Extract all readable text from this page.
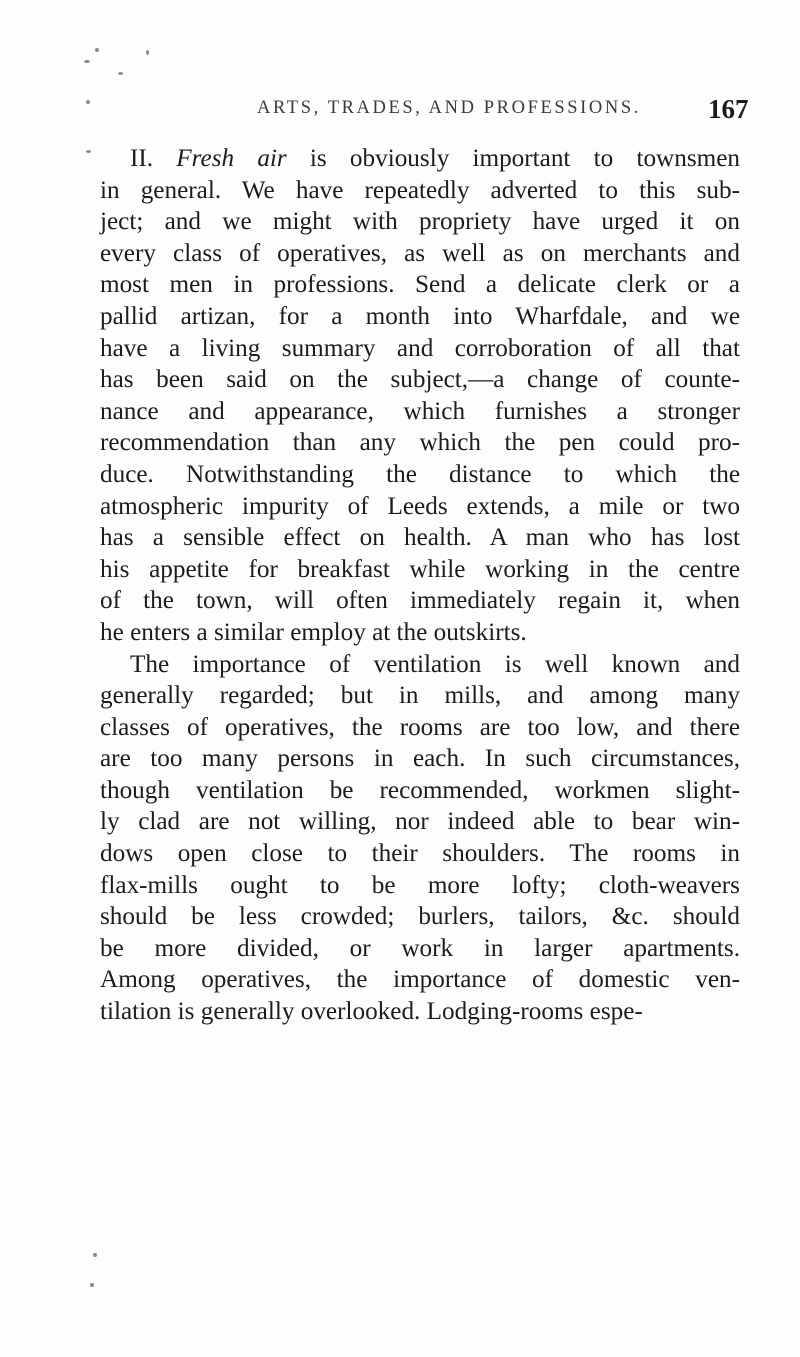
ARTS, TRADES, AND PROFESSIONS. 167
II. Fresh air is obviously important to townsmen
in general. We have repeatedly adverted to this sub-
ject; and we might with propriety have urged it on
every class of operatives, as well as on merchants and
most men in professions. Send a delicate clerk or a
pallid artizan, for a month into Wharfdale, and we
have a living summary and corroboration of all that
has been said on the subject,—a change of counte-
nance and appearance, which furnishes a stronger
recommendation than any which the pen could pro-
duce. Notwithstanding the distance to which the
atmospheric impurity of Leeds extends, a mile or two
has a sensible effect on health. A man who has lost
his appetite for breakfast while working in the centre
of the town, will often immediately regain it, when
he enters a similar employ at the outskirts.
The importance of ventilation is well known and
generally regarded; but in mills, and among many
classes of operatives, the rooms are too low, and there
are too many persons in each. In such circumstances,
though ventilation be recommended, workmen slight-
ly clad are not willing, nor indeed able to bear win-
dows open close to their shoulders. The rooms in
flax-mills ought to be more lofty; cloth-weavers
should be less crowded; burlers, tailors, &c. should
be more divided, or work in larger apartments.
Among operatives, the importance of domestic ven-
tilation is generally overlooked. Lodging-rooms espe-
